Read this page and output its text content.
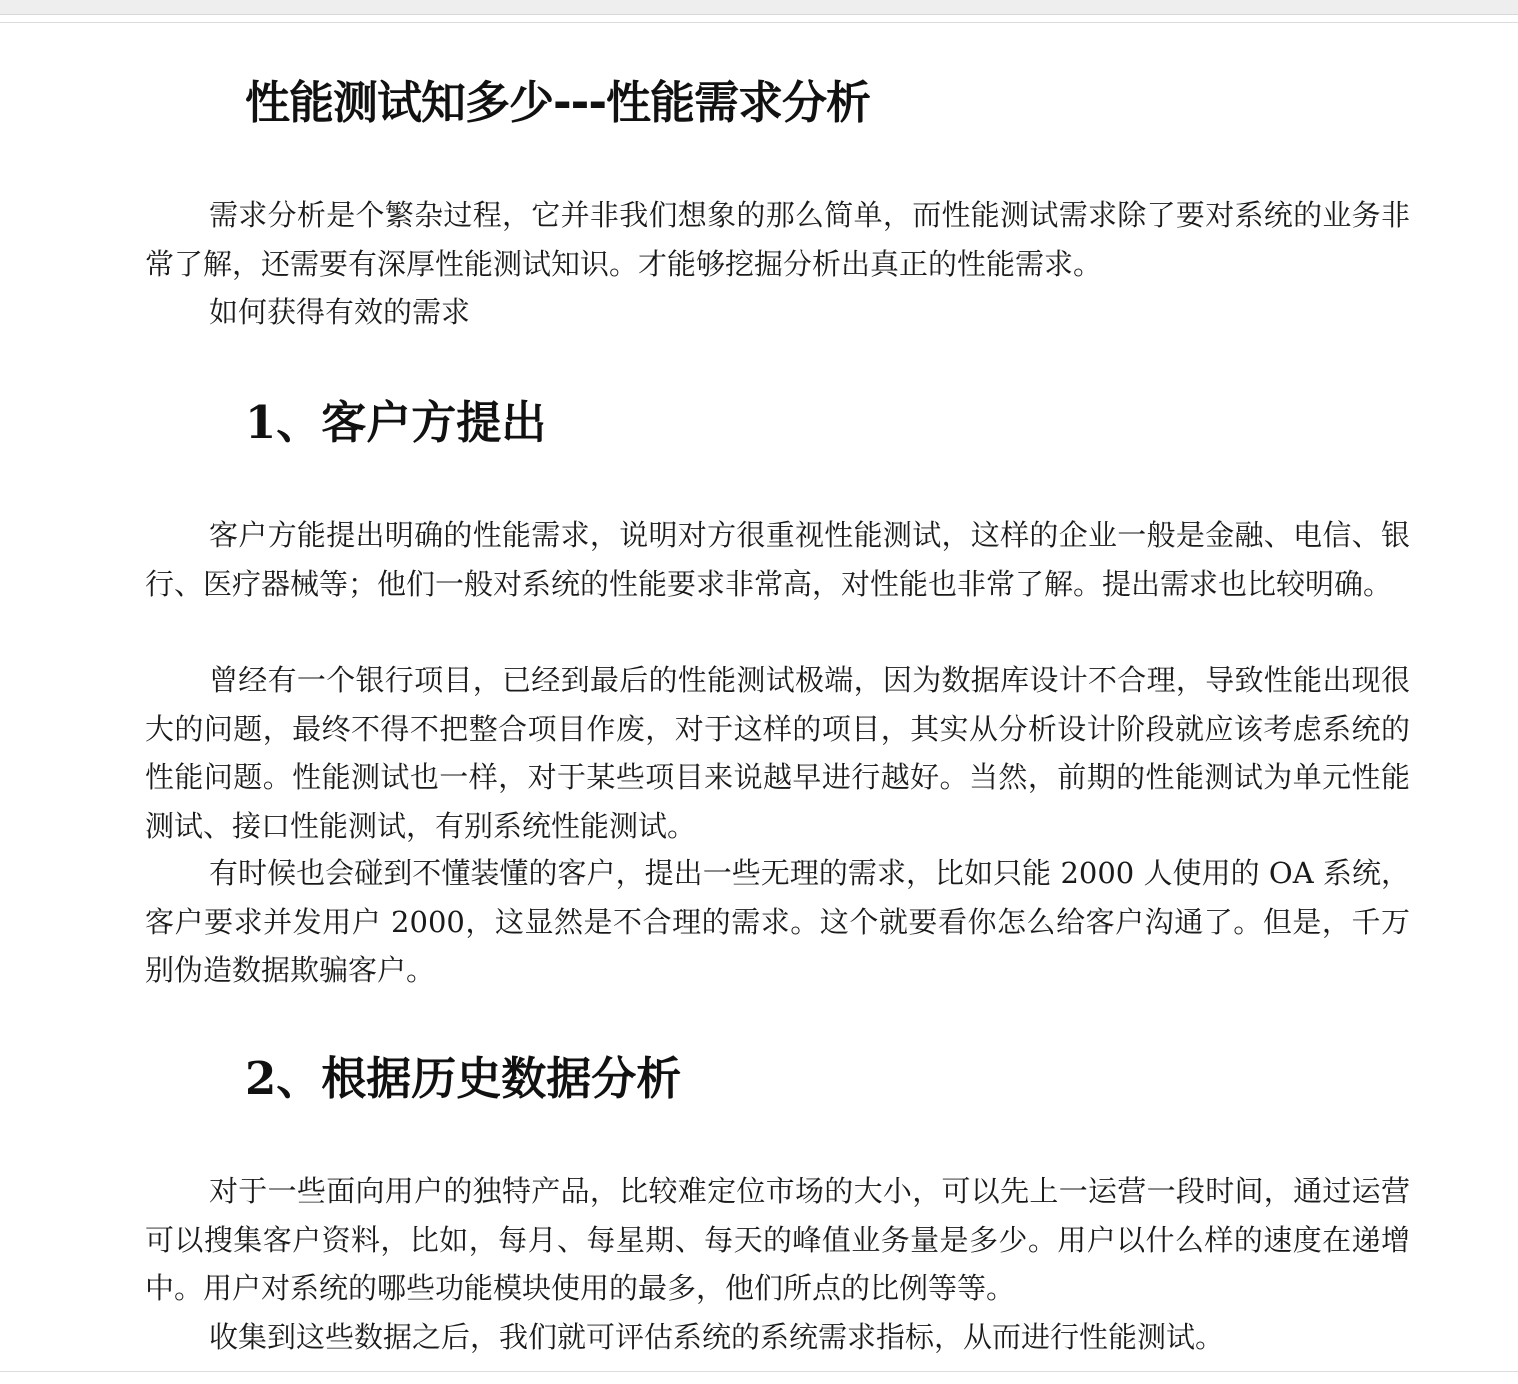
性能测试知多少---性能需求分析

需求分析是个繁杂过程，它并非我们想象的那么简单，而性能测试需求除了要对系统的业务非常了解，还需要有深厚性能测试知识。才能够挖掘分析出真正的性能需求。

如何获得有效的需求

1、客户方提出

客户方能提出明确的性能需求，说明对方很重视性能测试，这样的企业一般是金融、电信、银行、医疗器械等；他们一般对系统的性能要求非常高，对性能也非常了解。提出需求也比较明确。

曾经有一个银行项目，已经到最后的性能测试极端，因为数据库设计不合理，导致性能出现很大的问题，最终不得不把整合项目作废，对于这样的项目，其实从分析设计阶段就应该考虑系统的性能问题。性能测试也一样，对于某些项目来说越早进行越好。当然，前期的性能测试为单元性能测试、接口性能测试，有别系统性能测试。

有时候也会碰到不懂装懂的客户，提出一些无理的需求，比如只能 2000 人使用的 OA 系统，客户要求并发用户 2000，这显然是不合理的需求。这个就要看你怎么给客户沟通了。但是，千万别伪造数据欺骗客户。

2、根据历史数据分析

对于一些面向用户的独特产品，比较难定位市场的大小，可以先上一运营一段时间，通过运营可以搜集客户资料，比如，每月、每星期、每天的峰值业务量是多少。用户以什么样的速度在递增中。用户对系统的哪些功能模块使用的最多，他们所点的比例等等。

收集到这些数据之后，我们就可评估系统的系统需求指标，从而进行性能测试。
